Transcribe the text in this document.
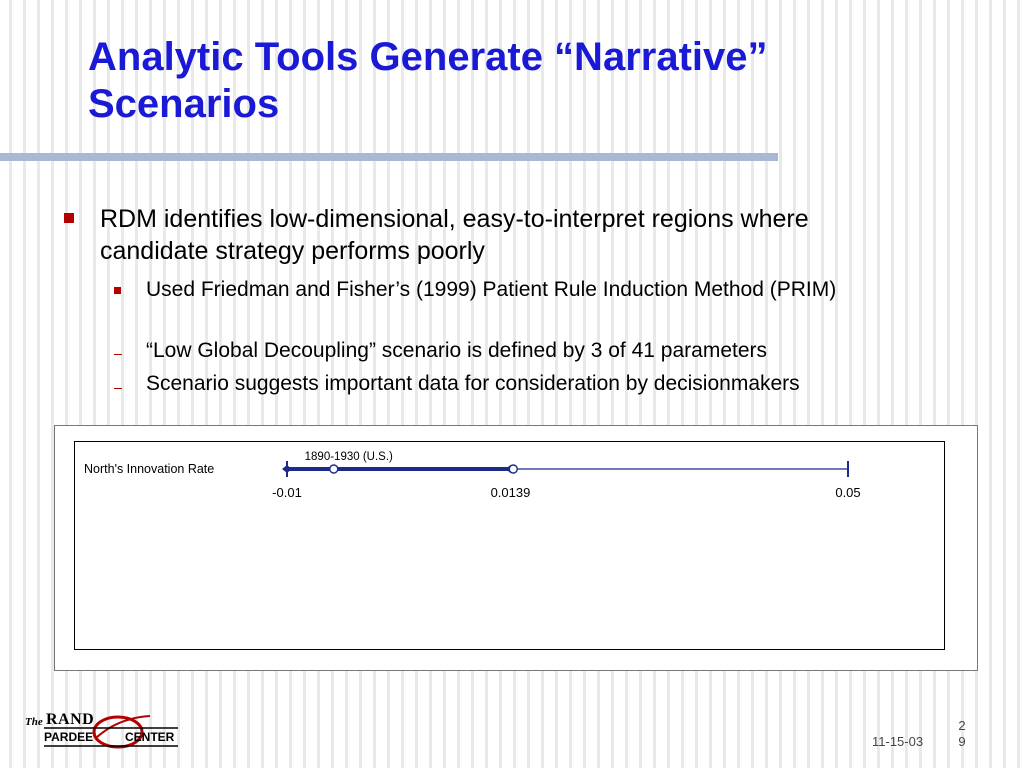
Analytic Tools Generate “Narrative” Scenarios
RDM identifies low-dimensional, easy-to-interpret regions where candidate strategy performs poorly
Used Friedman and Fisher’s (1999) Patient Rule Induction Method (PRIM)
“Low Global Decoupling” scenario is defined by 3 of 41 parameters
Scenario suggests important data for consideration by decisionmakers
North's Innovation Rate
-0.01	0.0139	0.05
1890-1930 (U.S.)
The RAND
PARDEE	CENTER	11-15-03
2
9
